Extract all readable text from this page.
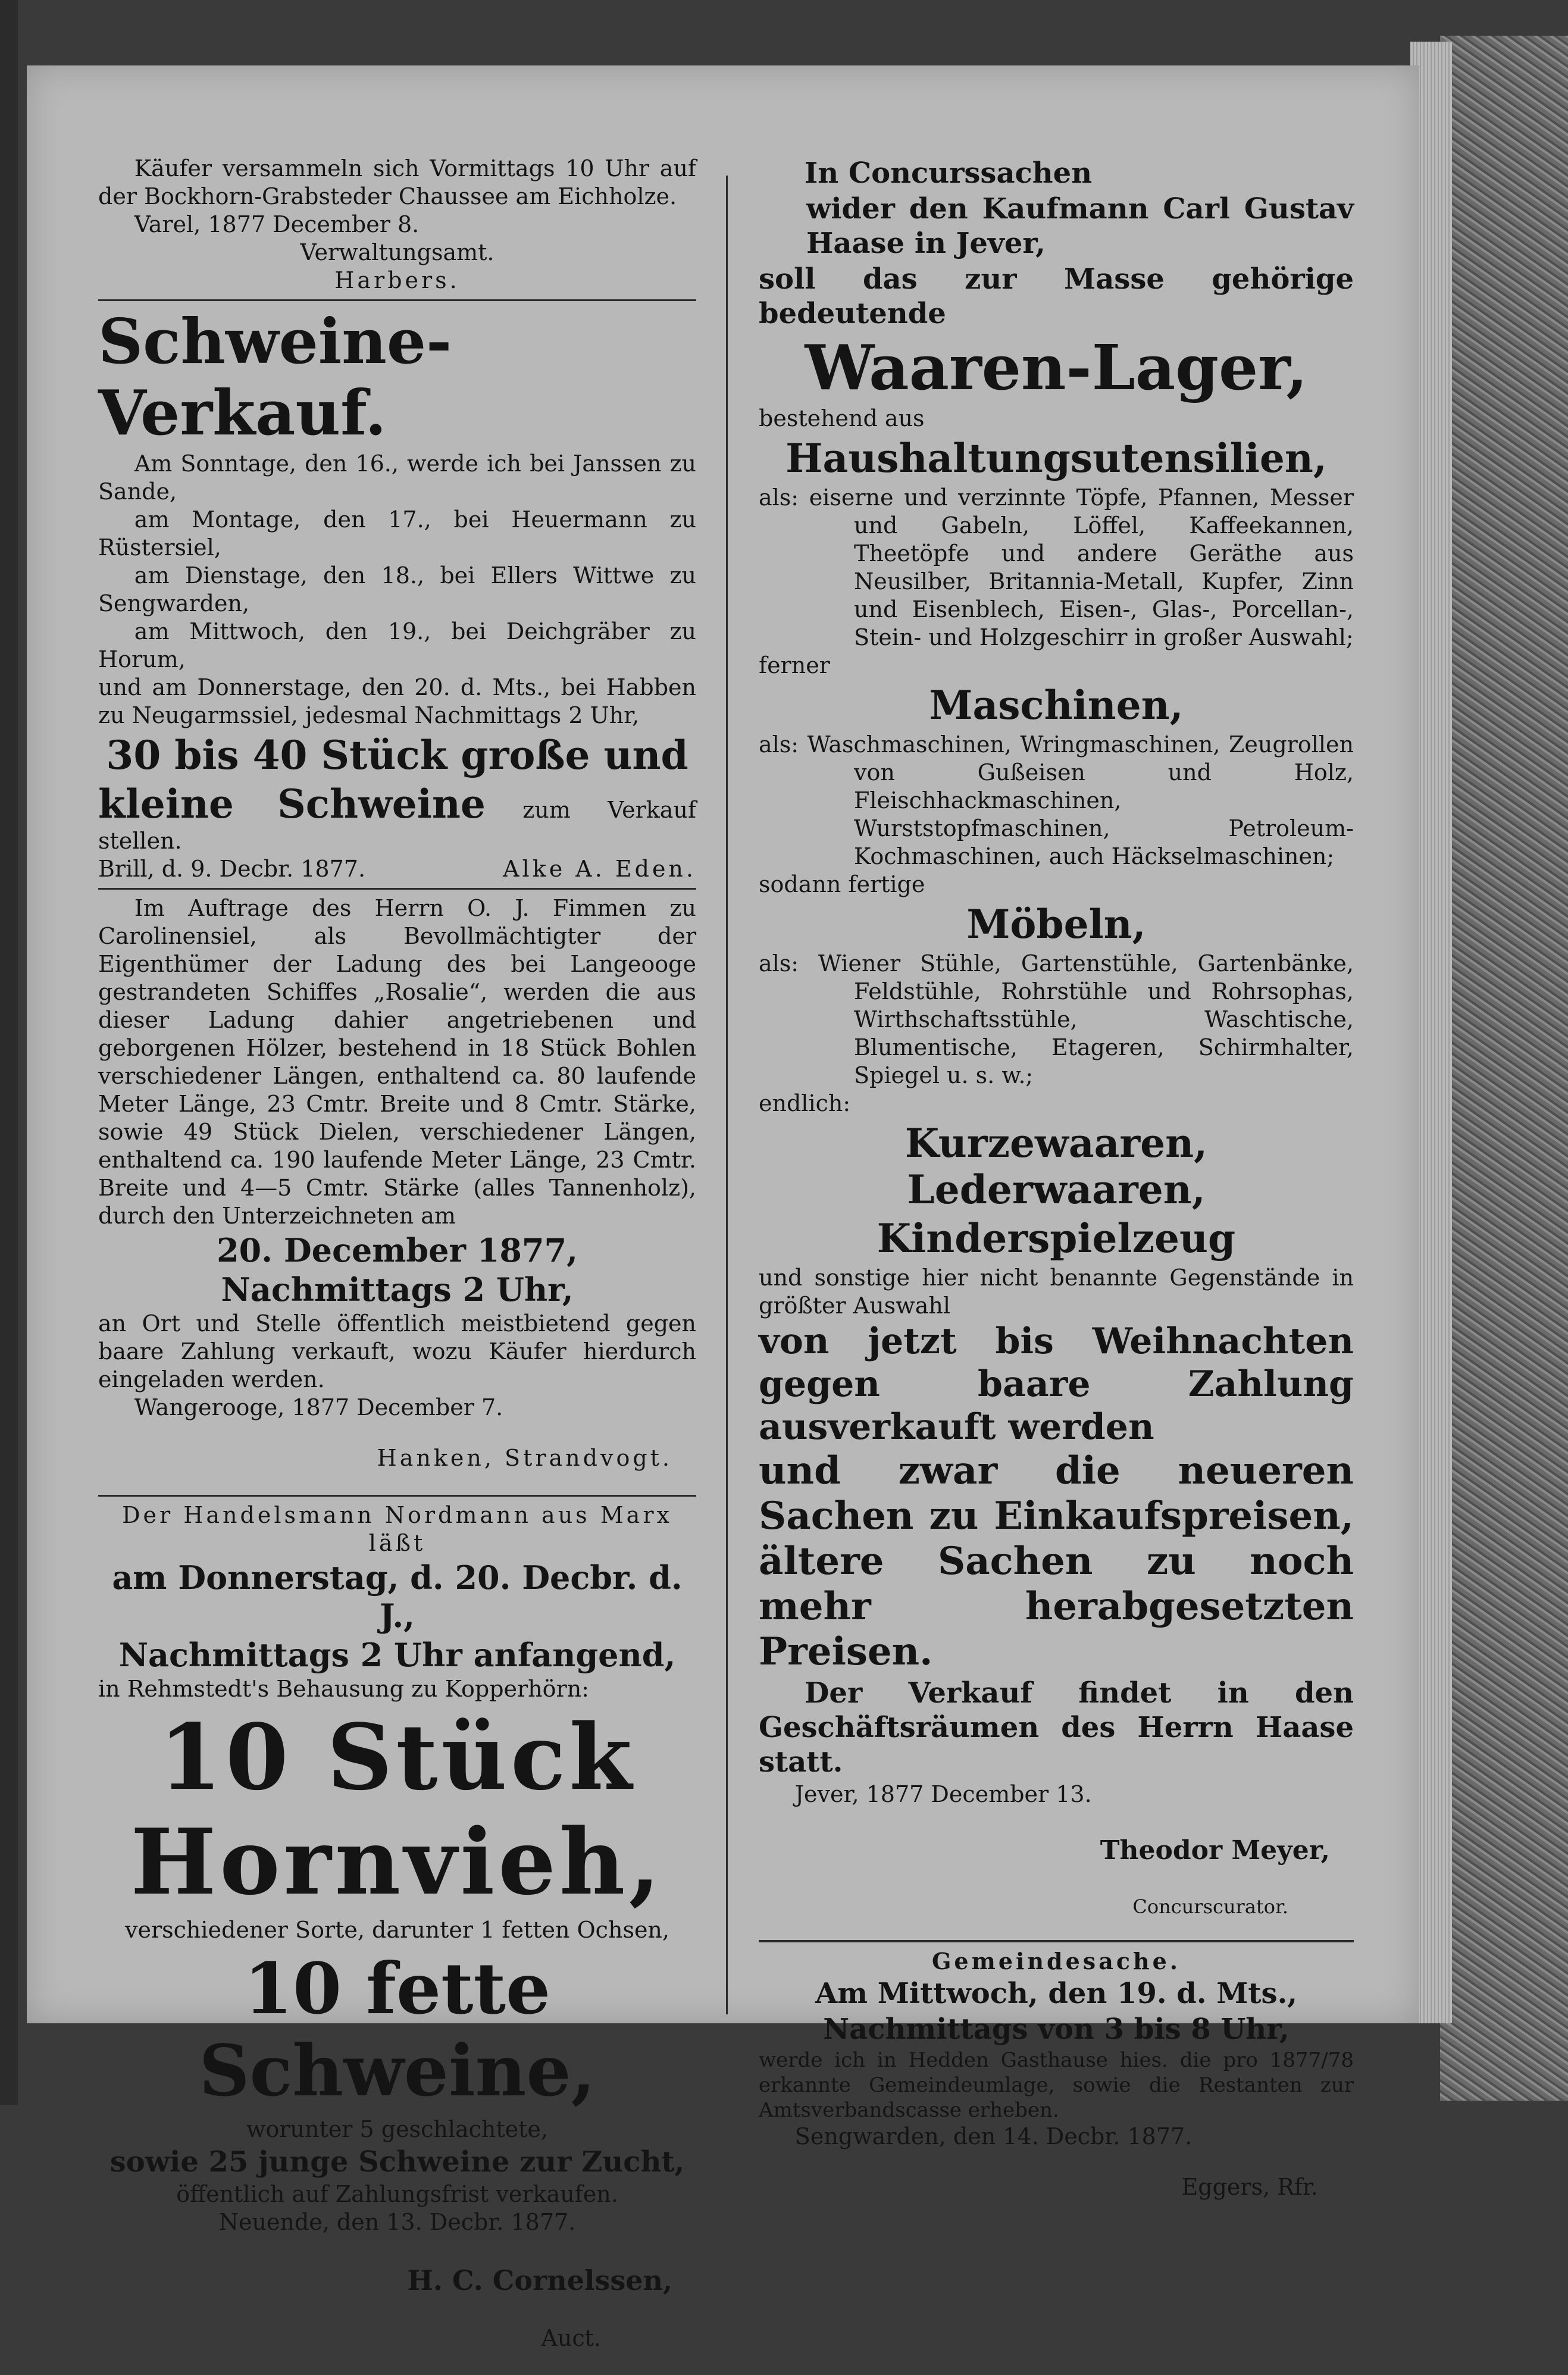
Käufer versammeln sich Vormittags 10 Uhr auf der Bockhorn-Grabsteder Chaussee am Eichholze.

Varel, 1877 December 8.

Verwaltungsamt.

Harbers.

Schweine-Verkauf.

Am Sonntage, den 16., werde ich bei Janssen zu Sande,

am Montage, den 17., bei Heuermann zu Rüstersiel,

am Dienstage, den 18., bei Ellers Wittwe zu Sengwarden,

am Mittwoch, den 19., bei Deichgräber zu Horum,

und am Donnerstage, den 20. d. Mts., bei Habben zu Neugarmssiel, jedesmal Nachmittags 2 Uhr,

30 bis 40 Stück große und

kleine Schweine zum Verkauf stellen.

Brill, d. 9. Decbr. 1877.	Alke A. Eden.

Im Auftrage des Herrn O. J. Fimmen zu Carolinensiel, als Bevollmächtigter der Eigenthümer der Ladung des bei Langeooge gestrandeten Schiffes „Rosalie“, werden die aus dieser Ladung dahier angetriebenen und geborgenen Hölzer, bestehend in 18 Stück Bohlen verschiedener Längen, enthaltend ca. 80 laufende Meter Länge, 23 Cmtr. Breite und 8 Cmtr. Stärke, sowie 49 Stück Dielen, verschiedener Längen, enthaltend ca. 190 laufende Meter Länge, 23 Cmtr. Breite und 4—5 Cmtr. Stärke (alles Tannenholz), durch den Unterzeichneten am

20. December 1877,

Nachmittags 2 Uhr,

an Ort und Stelle öffentlich meistbietend gegen baare Zahlung verkauft, wozu Käufer hierdurch eingeladen werden.

Wangerooge, 1877 December 7.

Hanken, Strandvogt.

Der Handelsmann Nordmann aus Marx läßt

am Donnerstag, d. 20. Decbr. d. J.,

Nachmittags 2 Uhr anfangend,

in Rehmstedt's Behausung zu Kopperhörn:

10 Stück

Hornvieh,

verschiedener Sorte, darunter 1 fetten Ochsen,

10 fette Schweine,

worunter 5 geschlachtete,

sowie 25 junge Schweine zur Zucht,

öffentlich auf Zahlungsfrist verkaufen.

Neuende, den 13. Decbr. 1877.

H. C. Cornelssen,

Auct.

In Concurssachen

wider den Kaufmann Carl Gustav Haase in Jever,

soll das zur Masse gehörige bedeutende

Waaren-Lager,

bestehend aus

Haushaltungsutensilien,

als: eiserne und verzinnte Töpfe, Pfannen, Messer und Gabeln, Löffel, Kaffeekannen, Theetöpfe und andere Geräthe aus Neusilber, Britannia-Metall, Kupfer, Zinn und Eisenblech, Eisen-, Glas-, Porcellan-, Stein- und Holzgeschirr in großer Auswahl;

ferner

Maschinen,

als: Waschmaschinen, Wringmaschinen, Zeugrollen von Gußeisen und Holz, Fleischhackmaschinen, Wurststopfmaschinen, Petroleum-Kochmaschinen, auch Häckselmaschinen;

sodann fertige

Möbeln,

als: Wiener Stühle, Gartenstühle, Gartenbänke, Feldstühle, Rohrstühle und Rohrsophas, Wirthschaftsstühle, Waschtische, Blumentische, Etageren, Schirmhalter, Spiegel u. s. w.;

endlich:

Kurzewaaren, Lederwaaren,

Kinderspielzeug

und sonstige hier nicht benannte Gegenstände in größter Auswahl

von jetzt bis Weihnachten gegen baare Zahlung ausverkauft werden

und zwar die neueren Sachen zu Einkaufspreisen, ältere Sachen zu noch mehr herabgesetzten Preisen.

Der Verkauf findet in den Geschäftsräumen des Herrn Haase statt.

Jever, 1877 December 13.

Theodor Meyer,

Concurscurator.

Gemeindesache.

Am Mittwoch, den 19. d. Mts.,

Nachmittags von 3 bis 8 Uhr,

werde ich in Hedden Gasthause hies. die pro 1877/78 erkannte Gemeindeumlage, sowie die Restanten zur Amtsverbandscasse erheben.

Sengwarden, den 14. Decbr. 1877.

Eggers, Rfr.
